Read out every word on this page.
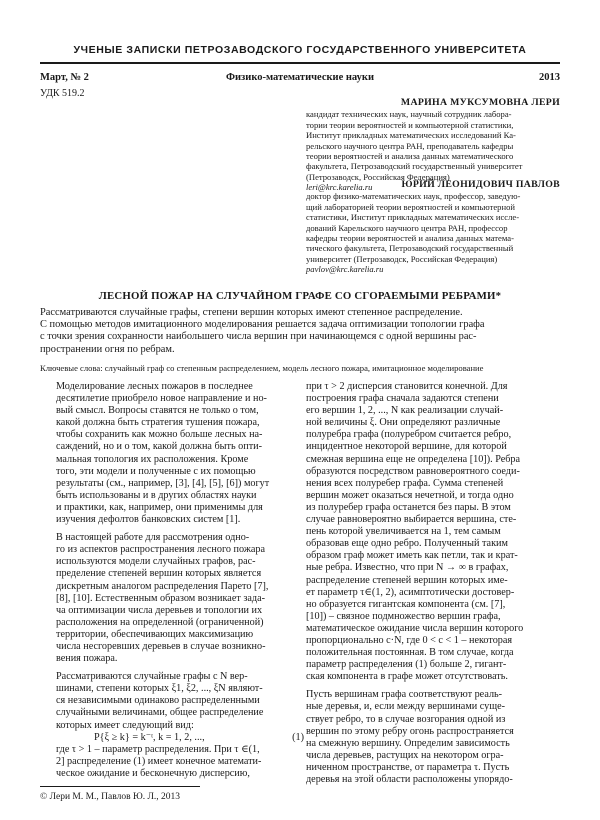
УЧЕНЫЕ ЗАПИСКИ ПЕТРОЗАВОДСКОГО ГОСУДАРСТВЕННОГО УНИВЕРСИТЕТА
Март, № 2	Физико-математические науки	2013
УДК 519.2
МАРИНА МУКСУМОВНА ЛЕРИ
кандидат технических наук, научный сотрудник лабора-
тории теории вероятностей и компьютерной статистики,
Институт прикладных математических исследований Ка-
рельского научного центра РАН, преподаватель кафедры
теории вероятностей и анализа данных математического
факультета, Петрозаводский государственный университет
(Петрозаводск, Российская Федерация)
leri@krc.karelia.ru	ЮРИЙ ЛЕОНИДОВИЧ ПАВЛОВ
доктор физико-математических наук, профессор, заведую-
щий лабораторией теории вероятностей и компьютерной
статистики, Институт прикладных математических иссле-
дований Карельского научного центра РАН, профессор
кафедры теории вероятностей и анализа данных матема-
тического факультета, Петрозаводский государственный
университет (Петрозаводск, Российская Федерация)
pavlov@krc.karelia.ru
ЛЕСНОЙ ПОЖАР НА СЛУЧАЙНОМ ГРАФЕ СО СГОРАЕМЫМИ РЕБРАМИ*
Рассматриваются случайные графы, степени вершин которых имеют степенное распределение.
С помощью методов имитационного моделирования решается задача оптимизации топологии графа
с точки зрения сохранности наибольшего числа вершин при начинающемся с одной вершины рас-
пространении огня по ребрам.
Ключевые слова: случайный граф со степенным распределением, модель лесного пожара, имитационное моделирование
Моделирование лесных пожаров в последнее
десятилетие приобрело новое направление и но-
вый смысл. Вопросы ставятся не только о том,
какой должна быть стратегия тушения пожара,
чтобы сохранить как можно больше лесных на-
саждений, но и о том, какой должна быть опти-
мальная топология их расположения. Кроме
того, эти модели и полученные с их помощью
результаты (см., например, [3], [4], [5], [6]) могут
быть использованы и в других областях науки
и практики, как, например, они применимы для
изучения дефолтов банковских систем [1].
В настоящей работе для рассмотрения одно-
го из аспектов распространения лесного пожара
используются модели случайных графов, рас-
пределение степеней вершин которых является
дискретным аналогом распределения Парето [7],
[8], [10]. Естественным образом возникает зада-
ча оптимизации числа деревьев и топологии их
расположения на определенной (ограниченной)
территории, обеспечивающих максимизацию
числа несгоревших деревьев в случае возникно-
вения пожара.
Рассматриваются случайные графы с N вер-
шинами, степени которых ξ1, ξ2, ..., ξN являют-
ся независимыми одинаково распределенными
случайными величинами, общее распределение
которых имеет следующий вид:
P{ξ ≥ k} = k⁻ᵗ, k = 1, 2, ...,	(1)
где τ > 1 – параметр распределения. При τ ∈(1,
2] распределение (1) имеет конечное математи-
ческое ожидание и бесконечную дисперсию,
при τ > 2 дисперсия становится конечной. Для
построения графа сначала задаются степени
его вершин 1, 2, ..., N как реализации случай-
ной величины ξ. Они определяют различные
полуребра графа (полуребром считается ребро,
инцидентное некоторой вершине, для которой
смежная вершина еще не определена [10]). Ребра
образуются посредством равновероятного соеди-
нения всех полуребер графа. Сумма степеней
вершин может оказаться нечетной, и тогда одно
из полуребер графа останется без пары. В этом
случае равновероятно выбирается вершина, сте-
пень которой увеличивается на 1, тем самым
образовав еще одно ребро. Полученный таким
образом граф может иметь как петли, так и крат-
ные ребра. Известно, что при N → ∞ в графах,
распределение степеней вершин которых име-
ет параметр τ∈(1, 2), асимптотически достовер-
но образуется гигантская компонента (см. [7],
[10]) – связное подмножество вершин графа,
математическое ожидание числа вершин которого
пропорционально c·N, где 0 < c < 1 – некоторая
положительная постоянная. В том случае, когда
параметр распределения (1) больше 2, гигант-
ская компонента в графе может отсутствовать.
Пусть вершинам графа соответствуют реаль-
ные деревья, и, если между вершинами суще-
ствует ребро, то в случае возгорания одной из
вершин по этому ребру огонь распространяется
на смежную вершину. Определим зависимость
числа деревьев, растущих на некотором огра-
ниченном пространстве, от параметра τ. Пусть
деревья на этой области расположены упорядо-
© Лери М. М., Павлов Ю. Л., 2013
